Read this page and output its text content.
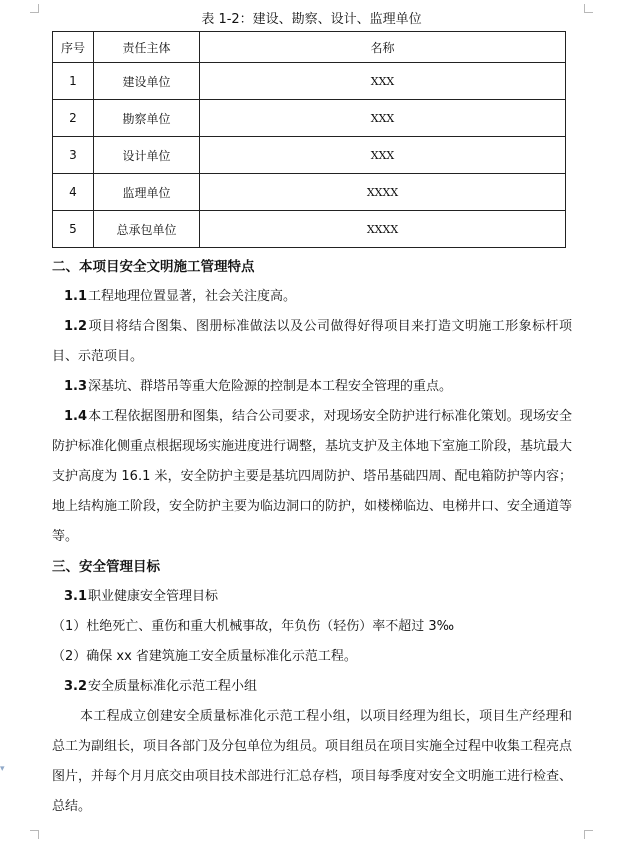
▾
表 1-2：建设、勘察、设计、监理单位
序号	责任主体	名称
1	建设单位	XXX
2	勘察单位	XXX
3	设计单位	XXX
4	监理单位	XXXX
5	总承包单位	XXXX

二、本项目安全文明施工管理特点

1.1工程地理位置显著，社会关注度高。

1.2项目将结合图集、图册标准做法以及公司做得好得项目来打造文明施工形象标杆项目、示范项目。

1.3深基坑、群塔吊等重大危险源的控制是本工程安全管理的重点。

1.4本工程依据图册和图集，结合公司要求，对现场安全防护进行标准化策划。现场安全防护标准化侧重点根据现场实施进度进行调整，基坑支护及主体地下室施工阶段，基坑最大支护高度为 16.1 米，安全防护主要是基坑四周防护、塔吊基础四周、配电箱防护等内容；地上结构施工阶段，安全防护主要为临边洞口的防护，如楼梯临边、电梯井口、安全通道等等。

三、安全管理目标

3.1职业健康安全管理目标

（1）杜绝死亡、重伤和重大机械事故，年负伤（轻伤）率不超过 3‰

（2）确保 xx 省建筑施工安全质量标准化示范工程。

3.2安全质量标准化示范工程小组

本工程成立创建安全质量标准化示范工程小组，以项目经理为组长，项目生产经理和总工为副组长，项目各部门及分包单位为组员。项目组员在项目实施全过程中收集工程亮点图片，并每个月月底交由项目技术部进行汇总存档，项目每季度对安全文明施工进行检查、总结。
